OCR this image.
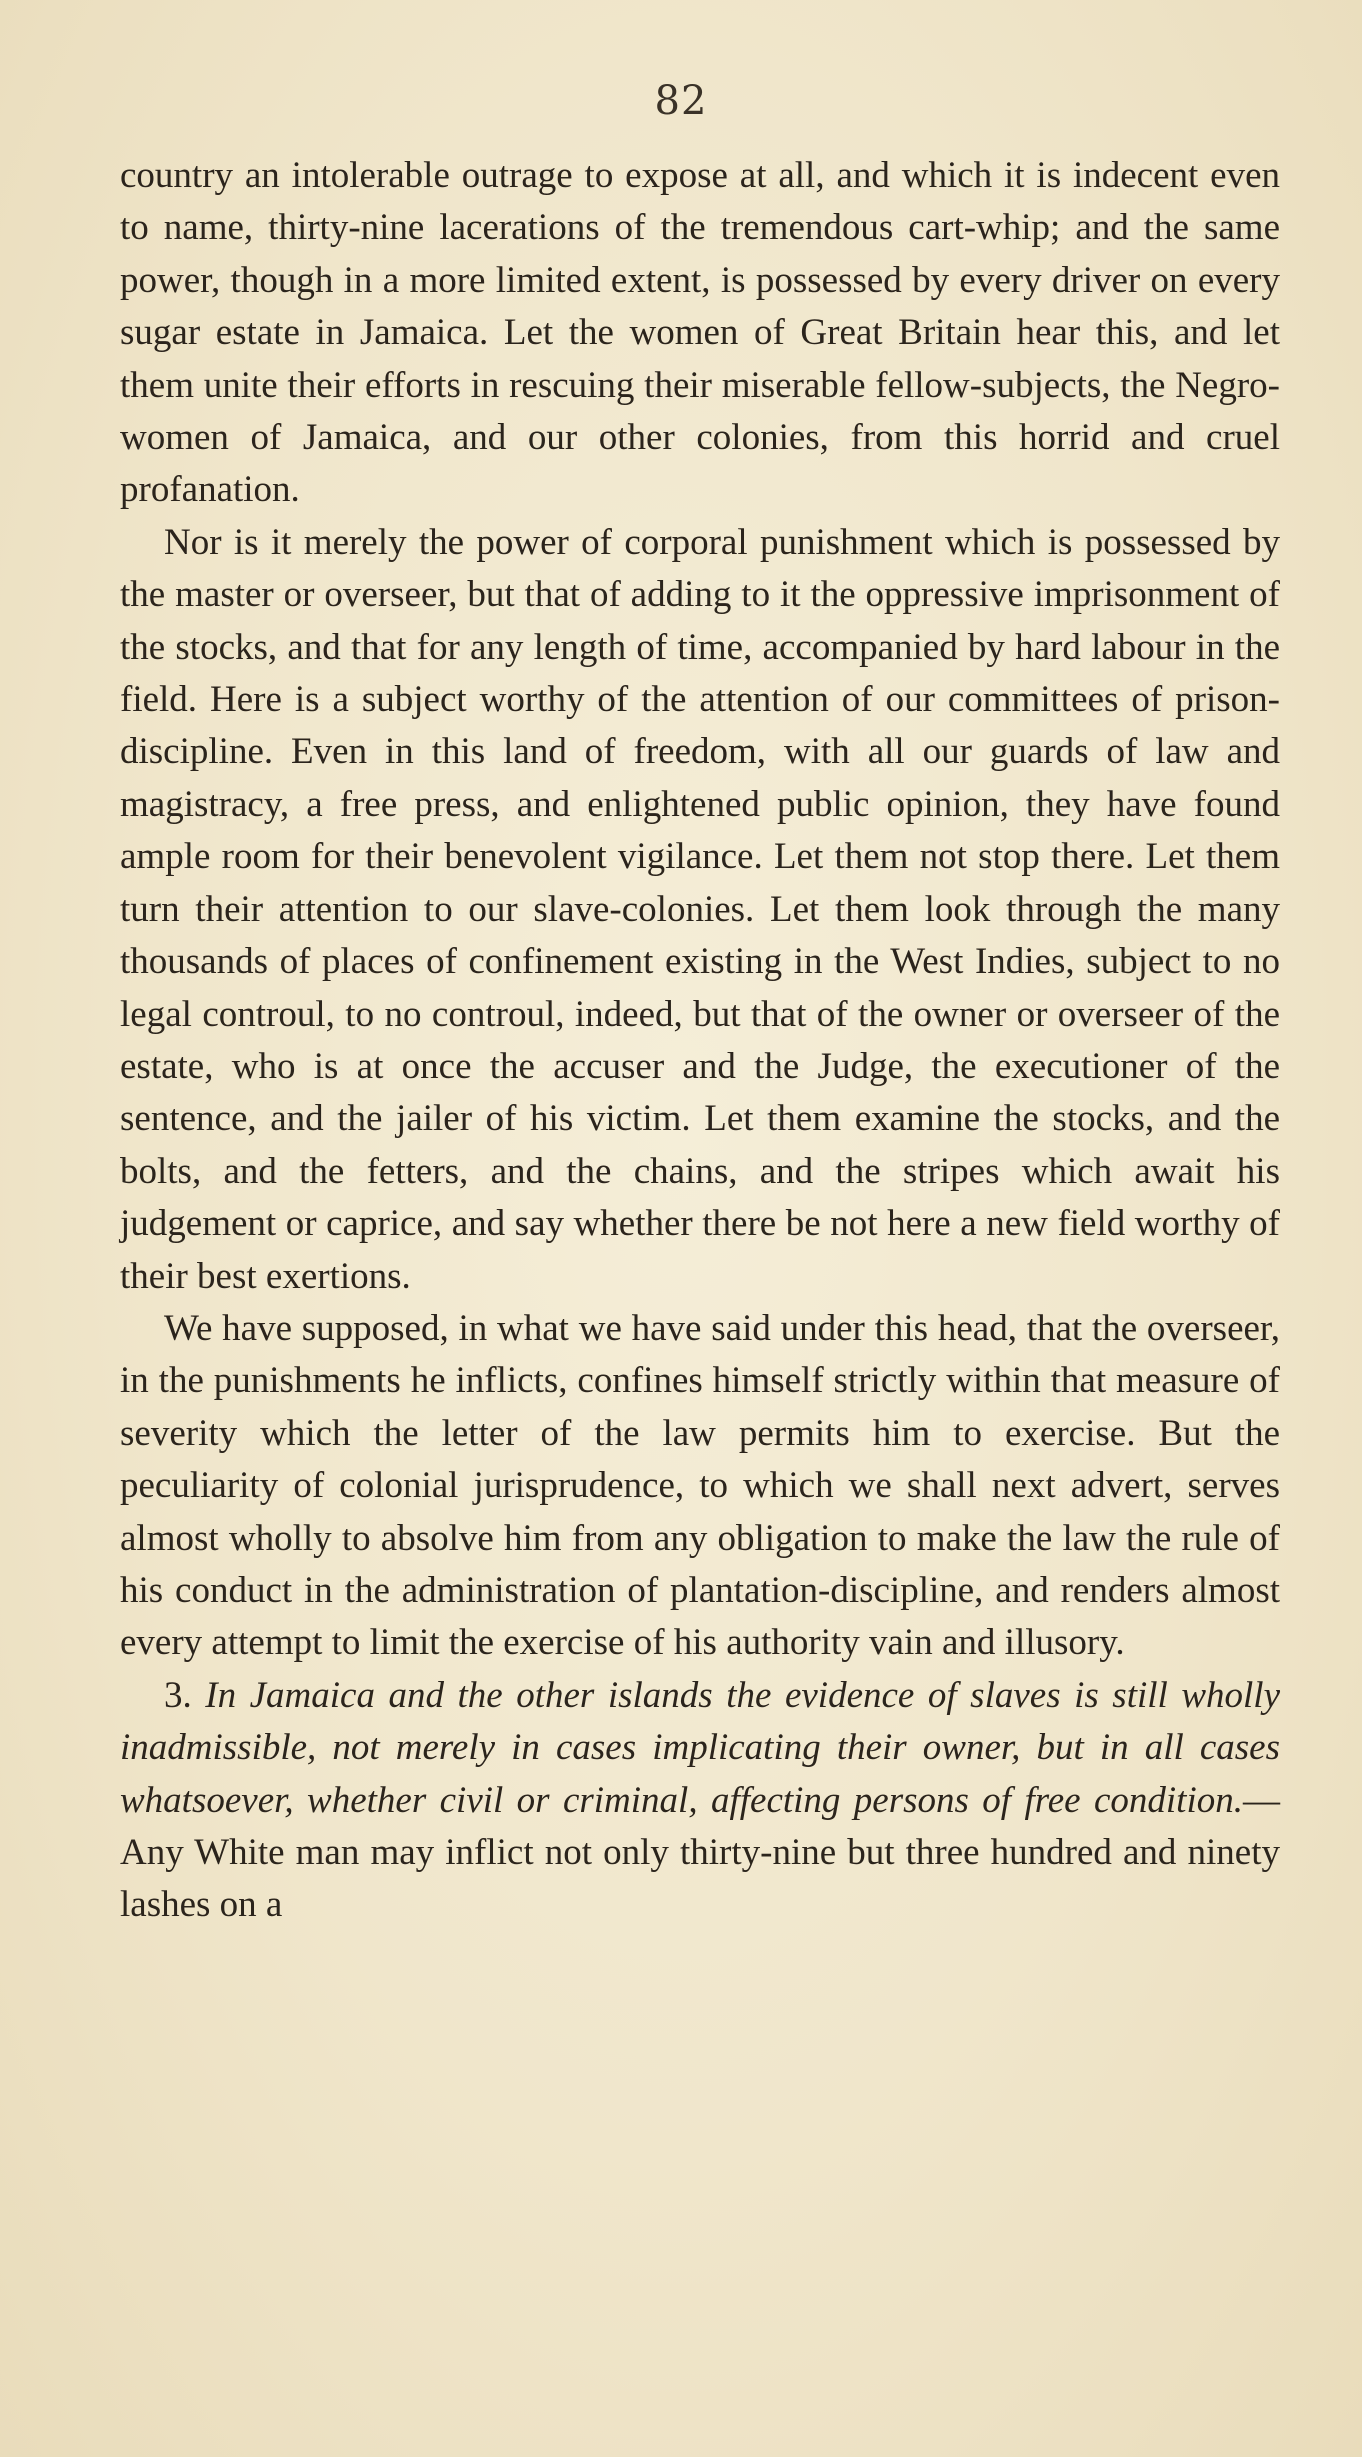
82

country an intolerable outrage to expose at all, and which it is indecent even to name, thirty-nine lacerations of the tremendous cart-whip; and the same power, though in a more limited extent, is possessed by every driver on every sugar estate in Jamaica. Let the women of Great Britain hear this, and let them unite their efforts in rescuing their miserable fellow-subjects, the Negro-women of Jamaica, and our other colonies, from this horrid and cruel profanation.

Nor is it merely the power of corporal punishment which is possessed by the master or overseer, but that of adding to it the oppressive imprisonment of the stocks, and that for any length of time, accompanied by hard labour in the field. Here is a subject worthy of the attention of our committees of prison-discipline. Even in this land of freedom, with all our guards of law and magistracy, a free press, and enlightened public opinion, they have found ample room for their benevolent vigilance. Let them not stop there. Let them turn their attention to our slave-colonies. Let them look through the many thousands of places of confinement existing in the West Indies, subject to no legal controul, to no controul, indeed, but that of the owner or overseer of the estate, who is at once the accuser and the Judge, the executioner of the sentence, and the jailer of his victim. Let them examine the stocks, and the bolts, and the fetters, and the chains, and the stripes which await his judgement or caprice, and say whether there be not here a new field worthy of their best exertions.

We have supposed, in what we have said under this head, that the overseer, in the punishments he inflicts, confines himself strictly within that measure of severity which the letter of the law permits him to exercise. But the peculiarity of colonial jurisprudence, to which we shall next advert, serves almost wholly to absolve him from any obligation to make the law the rule of his conduct in the administration of plantation-discipline, and renders almost every attempt to limit the exercise of his authority vain and illusory.

3. In Jamaica and the other islands the evidence of slaves is still wholly inadmissible, not merely in cases implicating their owner, but in all cases whatsoever, whether civil or criminal, affecting persons of free condition.—Any White man may inflict not only thirty-nine but three hundred and ninety lashes on a
